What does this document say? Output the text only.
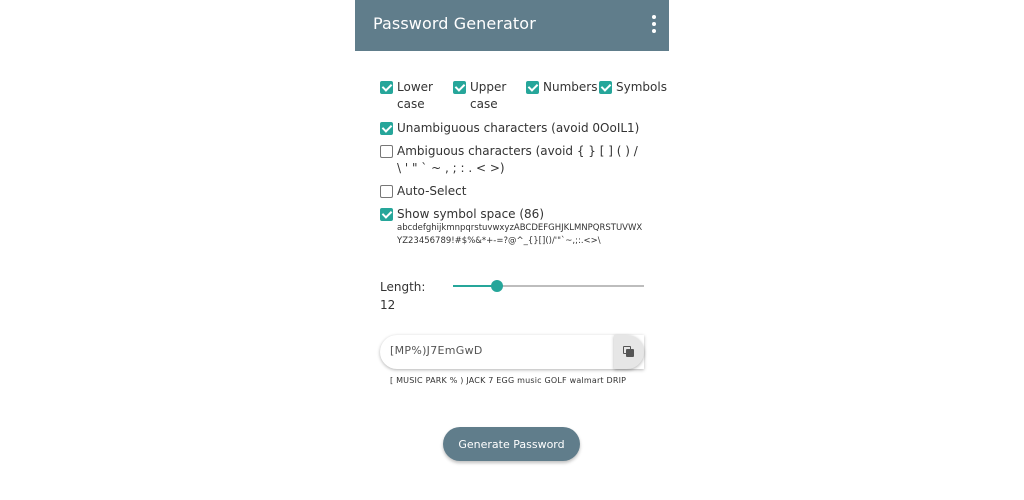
Password Generator
Lower case
Upper case
Numbers Symbols
Unambiguous characters (avoid 0OoIL1)
Ambiguous characters (avoid { } [ ] ( ) / \ ' " ` ~ , ; : . < >)
Auto-Select
Show symbol space (86)
abcdefghijkmnpqrstuvwxyzABCDEFGHJKLMNPQRSTUVWXYZ23456789!#$%&*+-=?@^_{}[]()/'"`~,;:.<>\
Length:
12
[MP%)J7EmGwD
[ MUSIC PARK % ) JACK 7 EGG music GOLF walmart DRIP
Generate Password
